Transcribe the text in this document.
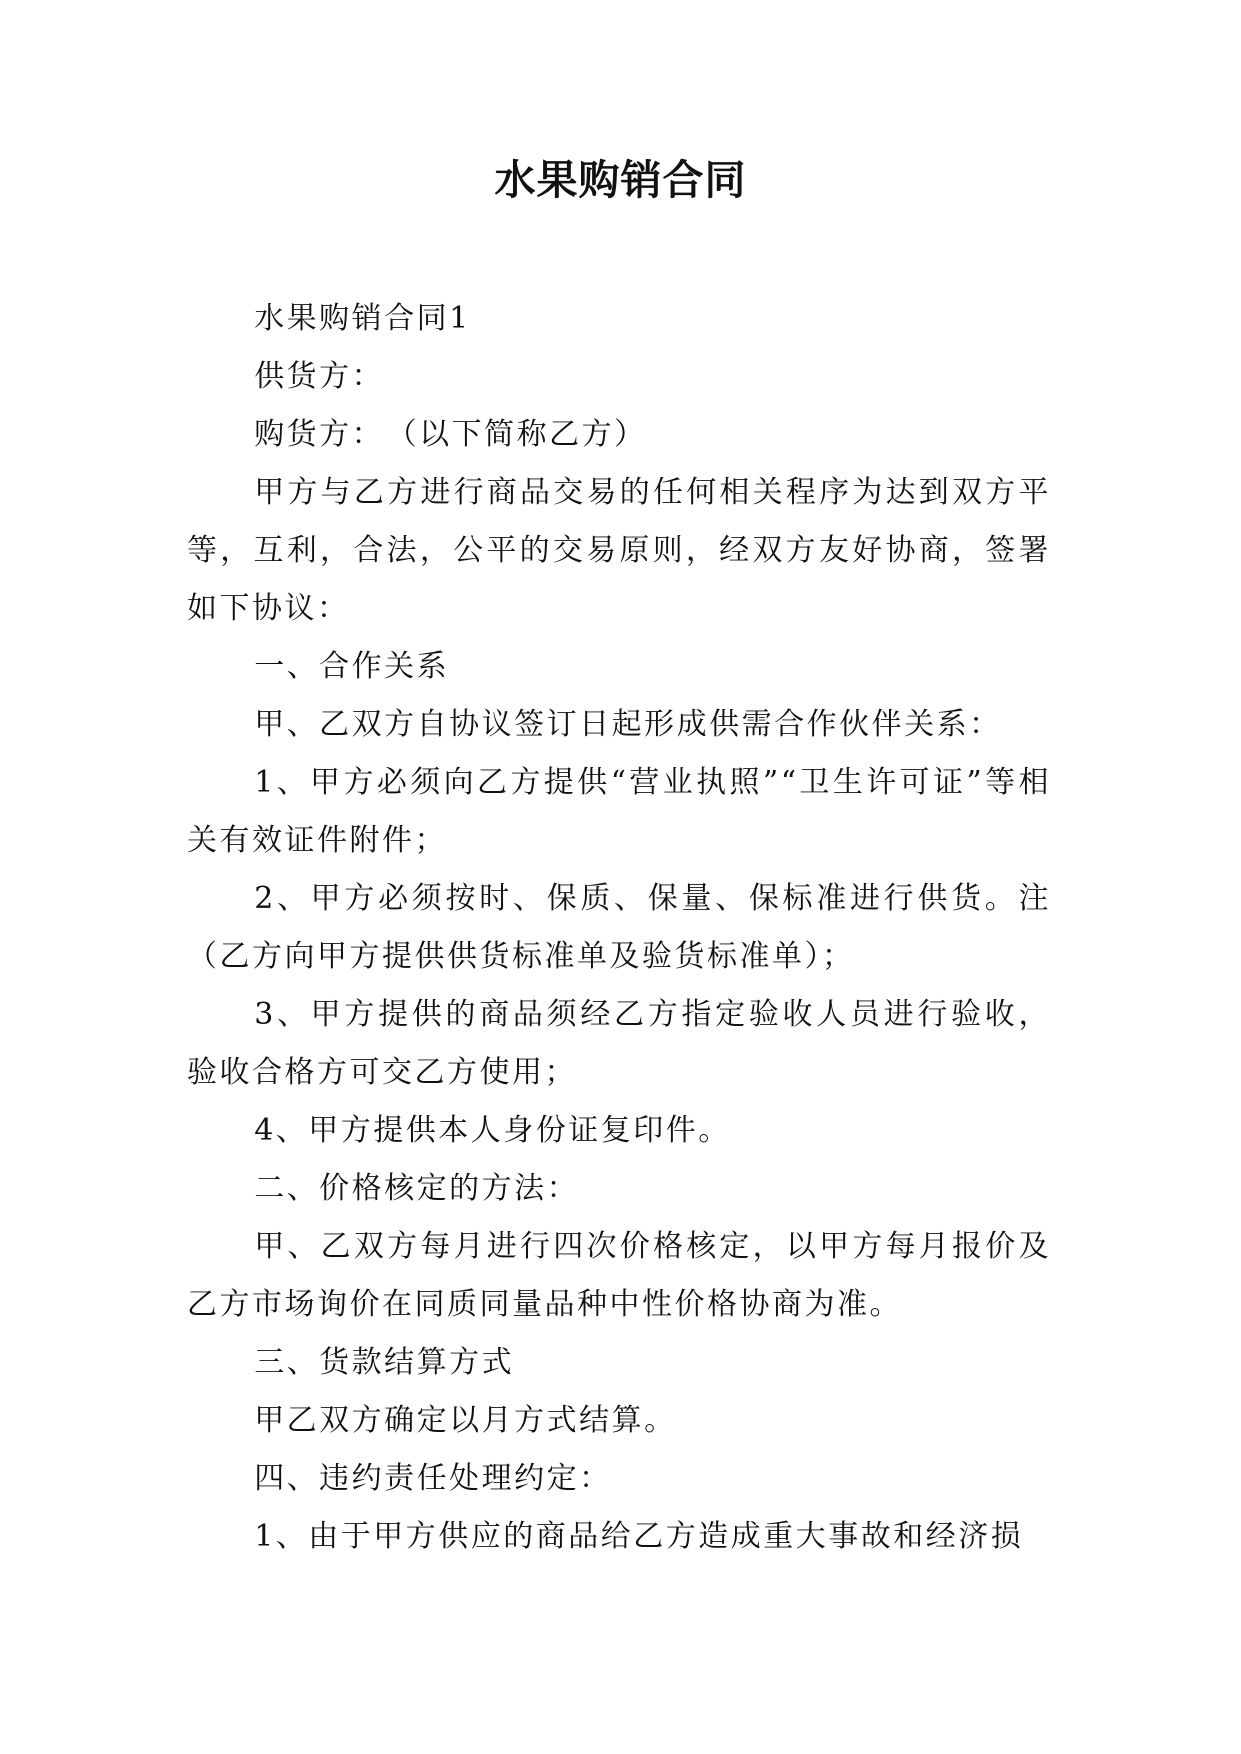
水果购销合同

水果购销合同1

供货方：

购货方：　（以下简称乙方）

甲方与乙方进行商品交易的任何相关程序为达到双方平等，互利，合法，公平的交易原则，经双方友好协商，签署如下协议：

一、合作关系

甲、乙双方自协议签订日起形成供需合作伙伴关系：

1、甲方必须向乙方提供“营业执照”“卫生许可证”等相关有效证件附件；

2、甲方必须按时、保质、保量、保标准进行供货。注（乙方向甲方提供供货标准单及验货标准单）；

3、甲方提供的商品须经乙方指定验收人员进行验收，验收合格方可交乙方使用；

4、甲方提供本人身份证复印件。

二、价格核定的方法：

甲、乙双方每月进行四次价格核定，以甲方每月报价及乙方市场询价在同质同量品种中性价格协商为准。

三、货款结算方式

甲乙双方确定以月方式结算。

四、违约责任处理约定：

1、由于甲方供应的商品给乙方造成重大事故和经济损
